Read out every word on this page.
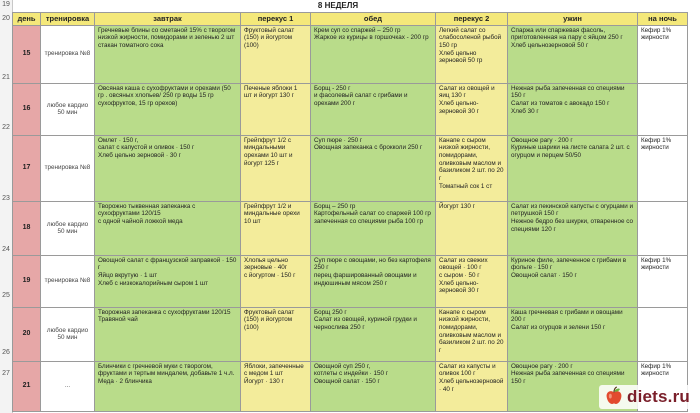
19
20
21
22
23
24
25
26
27
			8 НЕДЕЛЯ				
день	тренировка	завтрак	перекус 1	обед	перекус 2	ужин	на ночь
15	тренировка №8	Гречневые блины со сметаной 15% с творогом низкой жирности, помидорами и зеленью 2 шт
стакан томатного сока	Фруктовый салат (150) и йогуртом (100)	Крем суп со спаржей – 250 гр
Жаркое из курицы в горшочках - 200 гр	Легкий салат со слабосоленой рыбой 150 гр
Хлеб цельно зерновой 50 гр	Спаржа или спаржевая фасоль, приготовленная на пару с яйцом 250 г
Хлеб цельнозерновой 50 г	Кефир 1% жирности
16	любое кардио 50 мин	Овсяная каша с сухофруктами и орехами (50 гр . овсяных хлопьев/ 250 гр воды 15 гр сухофруктов, 15 гр орехов)	Печеные яблоки 1 шт и йогурт 130 г	Борщ - 250 г
и фасолевый салат с грибами и орехами 200 г	Салат из овощей и яиц 130 г
Хлеб цельно-зерновой 30 г	Нежная рыба запеченная со специями 150 г
Салат из томатов с авокадо 150 г
Хлеб 30 г	
17	тренировка №8	Омлет · 150 г,
салат с капустой и оливок · 150 г
Хлеб цельно зерновой · 30 г	Грейпфрут 1/2 с миндальными орехами 10 шт и йогурт 125 г	Суп пюре · 250 г
Овощная запеканка с брокколи 250 г	Канапе с сыром низкой жирности, помидорами, оливковым маслом и базиликом 2 шт. по 20 г
Томатный сок 1 ст	Овощное рагу · 200 г
Куриные шарики на листе салата 2 шт. с огурцом и перцем 50/50	Кефир 1% жирности
18	любое кардио 50 мин	Творожно тыквенная запеканка с сухофруктами 120/15
с одной чайной ложкой меда	Грейпфрут 1/2 и миндальные орехи 10 шт	Борщ – 250 гр
Картофельный салат со спаржей 100 гр
запеченная со специями рыба 100 гр	Йогурт 130 г	Салат из пекинской капусты с огурцами и петрушкой 150 г
Нежное бедро без шкурки, отваренное со специями 120 г	
19	тренировка №8	Овощной салат с французской заправкой · 150 г
Яйцо вкрутую · 1 шт
Хлеб с низкокалорийным сыром 1 шт	Хлопья цельно зерновые · 40г
с йогуртом · 150 г	Суп пюре с овощами, но без картофеля 250 г
перец фаршированный овощами и индюшиным мясом 250 г	Салат из свежих овощей · 100 г
с сыром · 50 г
Хлеб цельно-зерновой 30 г	Куриное филе, запеченное с грибами в фольге · 150 г
Овощной салат · 150 г	Кефир 1% жирности
20	любое кардио 50 мин	Творожная запеканка с сухофруктами 120/15
Травяной чай	Фруктовый салат (150) и йогуртом (100)	Борщ 250 г
Салат из овощей, куриной грудки и чернослива 250 г	Канапе с сыром низкой жирности, помидорами, оливковым маслом и базиликом 2 шт. по 20 г	Каша гречневая с грибами и овощами 200 г
Салат из огурцов и зелени 150 г	
21	...	Блинчики с гречневой муки с творогом, фруктами и тертым миндалем, добавьте 1 ч.л. Меда · 2 блинчика	Яблоки, запеченные с медом 1 шт
Йогурт · 130 г	Овощной суп 250 г,
котлеты с индейки · 150 г
Овощной салат · 150 г	Салат из капусты и оливок 100 г
Хлеб цельнозерновой · 40 г	Овощное рагу · 200 г
Нежная рыба запеченная со специями 150 г	Кефир 1% жирности
diets.ru
